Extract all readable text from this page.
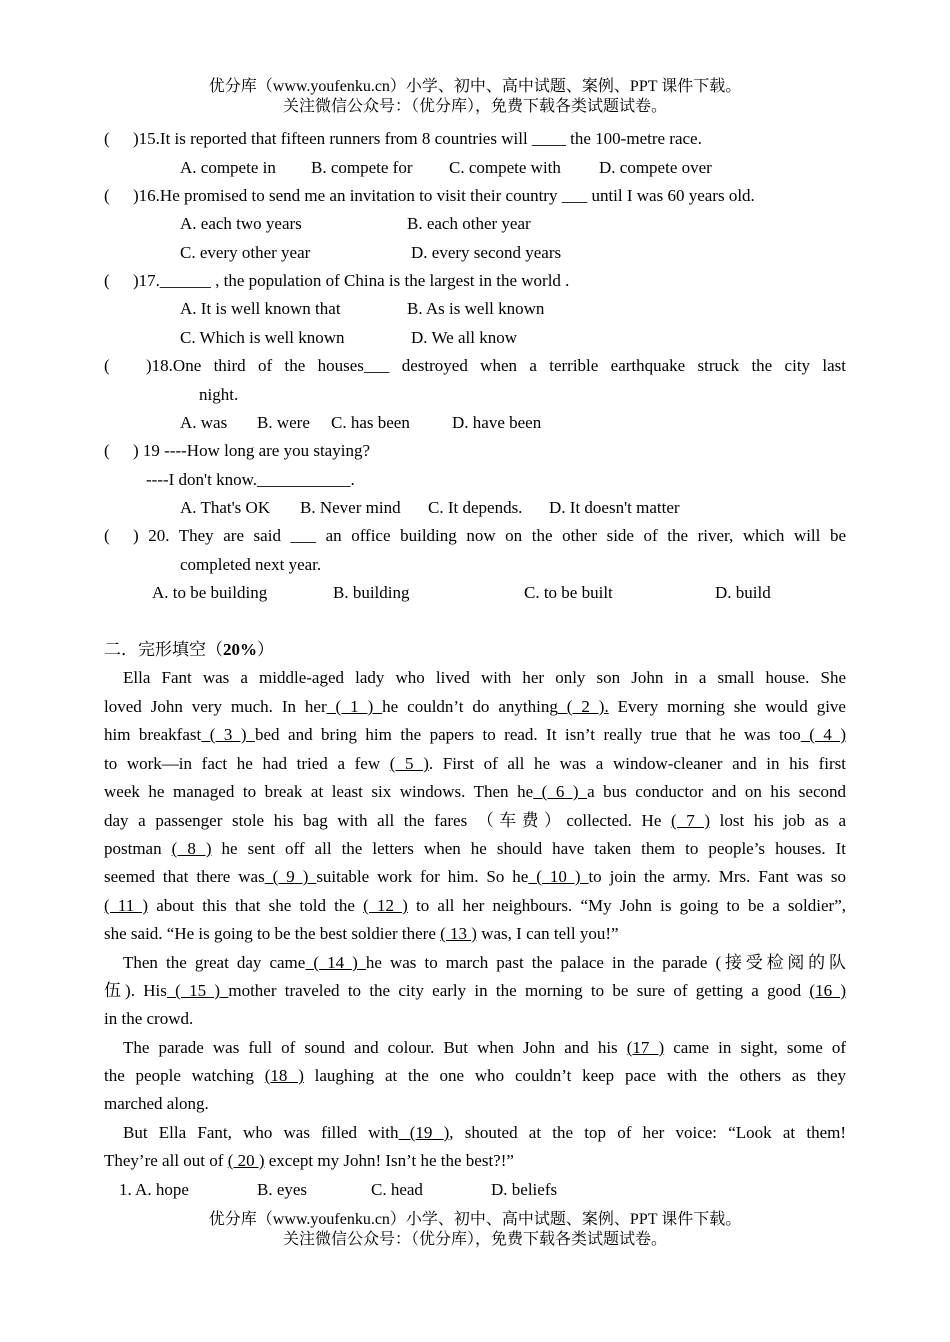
优分库（www.youfenku.cn）小学、初中、高中试题、案例、PPT 课件下载。
关注微信公众号：（优分库），免费下载各类试题试卷。
( )15.It is reported that fifteen runners from 8 countries will ____ the 100-metre race.
A. compete in B. compete for C. compete with D. compete over
( )16.He promised to send me an invitation to visit their country ___ until I was 60 years old.
A. each two years	B. each other year
C. every other year	D. every second years
( )17.______ , the population of China is the largest in the world .
A. It is well known that	B. As is well known
C. Which is well known	D. We all know
( )18.One third of the houses___ destroyed when a terrible earthquake struck the city last
night.
A. was B. were C. has been D. have been
( ) 19 ----How long are you staying?
----I don't know.___________.
A. That's OK B. Never mind C. It depends. D. It doesn't matter
( ) 20. They are said ___ an office building now on the other side of the river, which will be
completed next year.
A. to be building	B. building	C. to be built	D. build
二．完形填空（20%）
Ella Fant was a middle-aged lady who lived with her only son John in a small house. She
loved John very much. In her ( 1 ) he couldn’t do anything ( 2 ). Every morning she would give
him breakfast ( 3 ) bed and bring him the papers to read. It isn’t really true that he was too ( 4 )
to work—in fact he had tried a few ( 5 ). First of all he was a window-cleaner and in his first
week he managed to break at least six windows. Then he ( 6 ) a bus conductor and on his second
day a passenger stole his bag with all the fares （车费）collected. He ( 7 ) lost his job as a
postman ( 8 ) he sent off all the letters when he should have taken them to people’s houses. It
seemed that there was ( 9 ) suitable work for him. So he ( 10 ) to join the army. Mrs. Fant was so
( 11 ) about this that she told the ( 12 ) to all her neighbours. “My John is going to be a soldier”,
she said. “He is going to be the best soldier there ( 13 ) was, I can tell you!”
Then the great day came ( 14 ) he was to march past the palace in the parade (接受检阅的队
伍). His ( 15 ) mother traveled to the city early in the morning to be sure of getting a good (16 )
in the crowd.
The parade was full of sound and colour. But when John and his (17 ) came in sight, some of
the people watching (18 ) laughing at the one who couldn’t keep pace with the others as they
marched along.
But Ella Fant, who was filled with (19 ), shouted at the top of her voice: “Look at them!
They’re all out of ( 20 ) except my John! Isn’t he the best?!”
1. A. hope	B. eyes	C. head	D. beliefs
优分库（www.youfenku.cn）小学、初中、高中试题、案例、PPT 课件下载。
关注微信公众号：（优分库），免费下载各类试题试卷。
